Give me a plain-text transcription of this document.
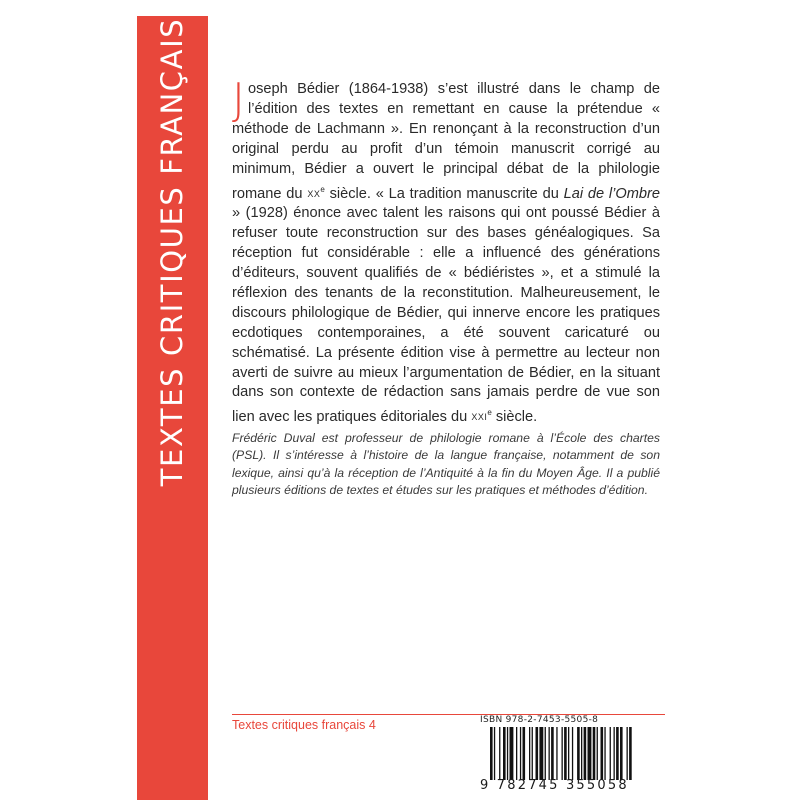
TEXTES CRITIQUES FRANÇAIS Joseph Bédier (1864-1938) s’est illustré dans le champ de l’édition des textes en remettant en cause la prétendue « méthode de Lachmann ». En renonçant à la reconstruction d’un original perdu au profit d’un témoin manuscrit corrigé au minimum, Bédier a ouvert le principal débat de la philologie romane du XXe siècle. « La tradition manuscrite du Lai de l’Ombre » (1928) énonce avec talent les raisons qui ont poussé Bédier à refuser toute reconstruction sur des bases généalogiques. Sa réception fut considérable : elle a influencé des générations d’éditeurs, souvent qualifiés de « bédiéristes », et a stimulé la réflexion des tenants de la reconstitution. Malheureusement, le discours philologique de Bédier, qui innerve encore les pratiques ecdotiques contemporaines, a été souvent caricaturé ou schématisé. La présente édition vise à permettre au lecteur non averti de suivre au mieux l’argumentation de Bédier, en la situant dans son contexte de rédaction sans jamais perdre de vue son lien avec les pratiques éditoriales du XXIe siècle.

Frédéric Duval est professeur de philologie romane à l’École des chartes (PSL). Il s’intéresse à l’histoire de la langue française, notamment de son lexique, ainsi qu’à la réception de l’Antiquité à la fin du Moyen Âge. Il a publié plusieurs éditions de textes et études sur les pratiques et méthodes d’édition.

Textes critiques français 4	ISBN 978-2-7453-5505-8
9 782745 355058
